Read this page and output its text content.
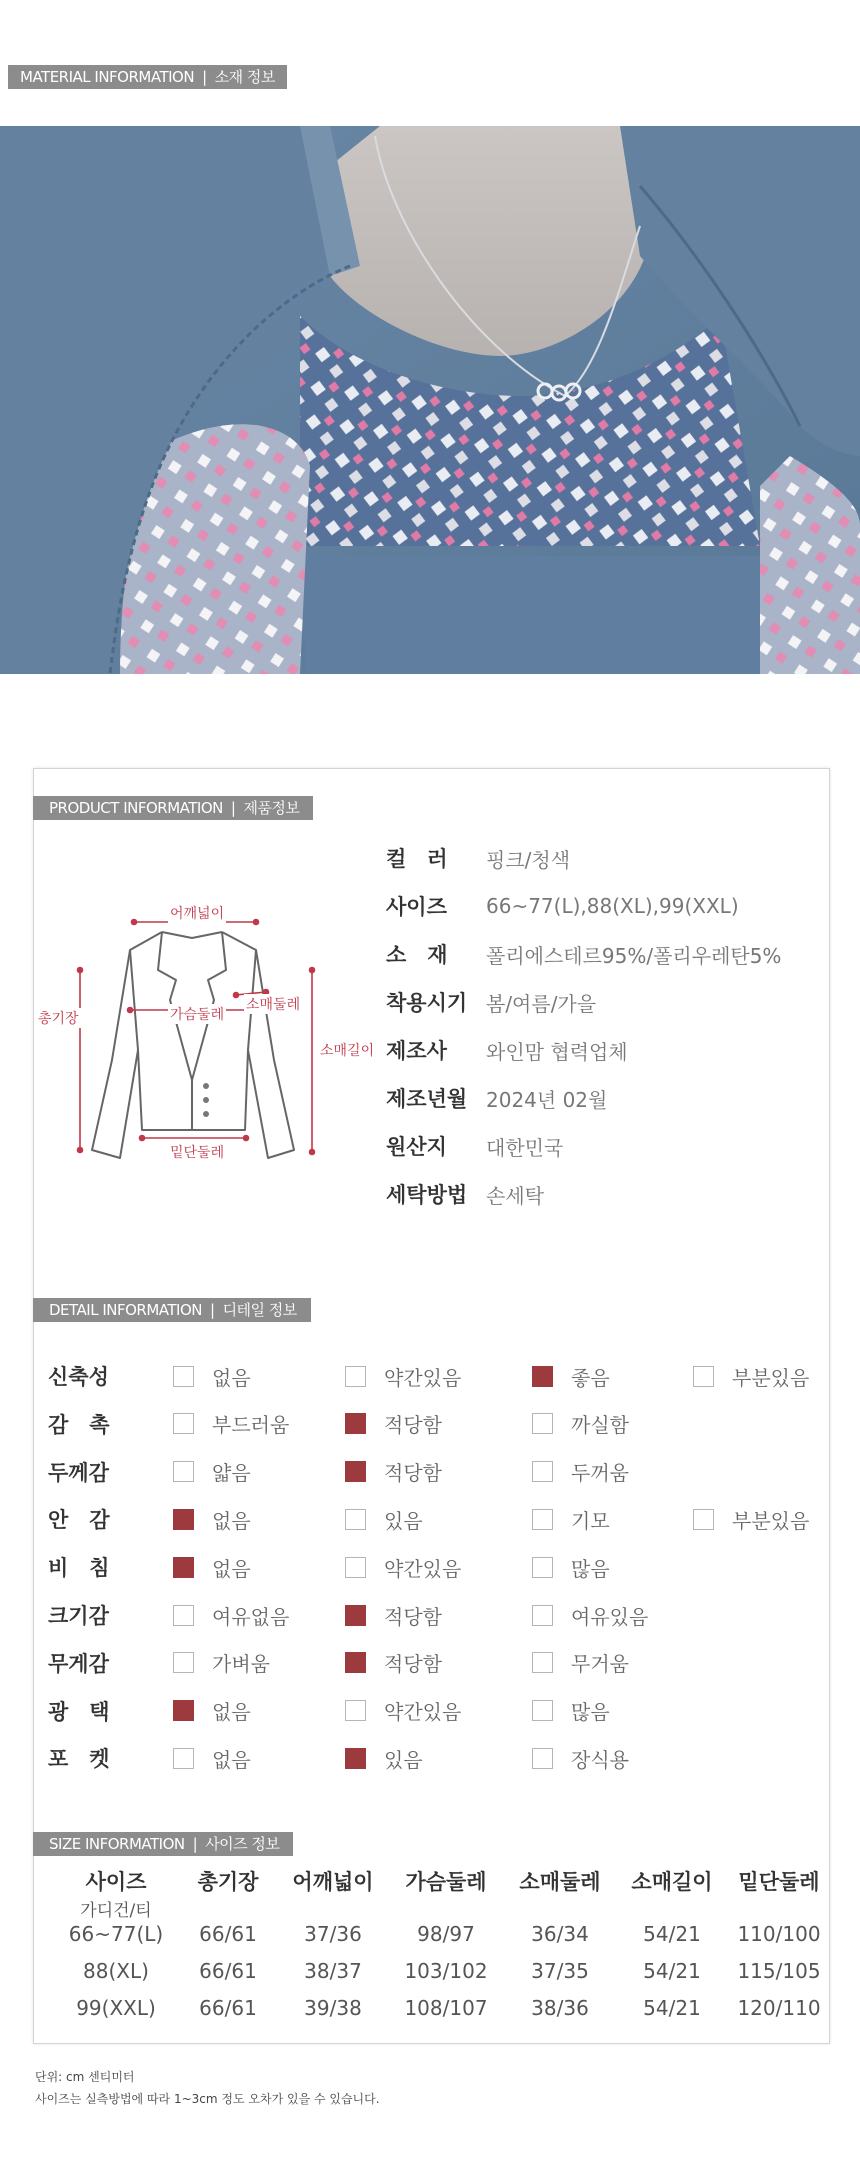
MATERIAL INFORMATION | 소재 정보
PRODUCT INFORMATION | 제품정보
어깨넓이
총기장	가슴둘레
소매둘레
소매길이
밑단둘레
DETAIL INFORMATION | 디테일 정보
SIZE INFORMATION | 사이즈 정보
사이즈	총기장	어깨넓이	가슴둘레	소매둘레	소매길이	밑단둘레
가디건/티
66~77(L)	66/61	37/36	98/97	36/34	54/21	110/100
88(XL)	66/61	38/37	103/102	37/35	54/21	115/105
99(XXL)	66/61	39/38	108/107	38/36	54/21	120/110
단위: cm 센티미터
사이즈는 실측방법에 따라 1~3cm 정도 오차가 있을 수 있습니다.
컬　러	핑크/청색
사이즈	66~77(L),88(XL),99(XXL)
소　재	폴리에스테르95%/폴리우레탄5%
착용시기 봄/여름/가을
제조사	와인맘 협력업체
제조년월 2024년 02월
원산지	대한민국
세탁방법 손세탁
신축성	없음	약간있음	좋음	부분있음
감　촉	부드러움	적당함	까실함
두께감	얇음	적당함	두꺼움
안　감	없음	있음	기모	부분있음
비　침	없음	약간있음	많음
크기감	여유없음	적당함	여유있음
무게감	가벼움	적당함	무거움
광　택	없음	약간있음	많음
포　켓	없음	있음	장식용
